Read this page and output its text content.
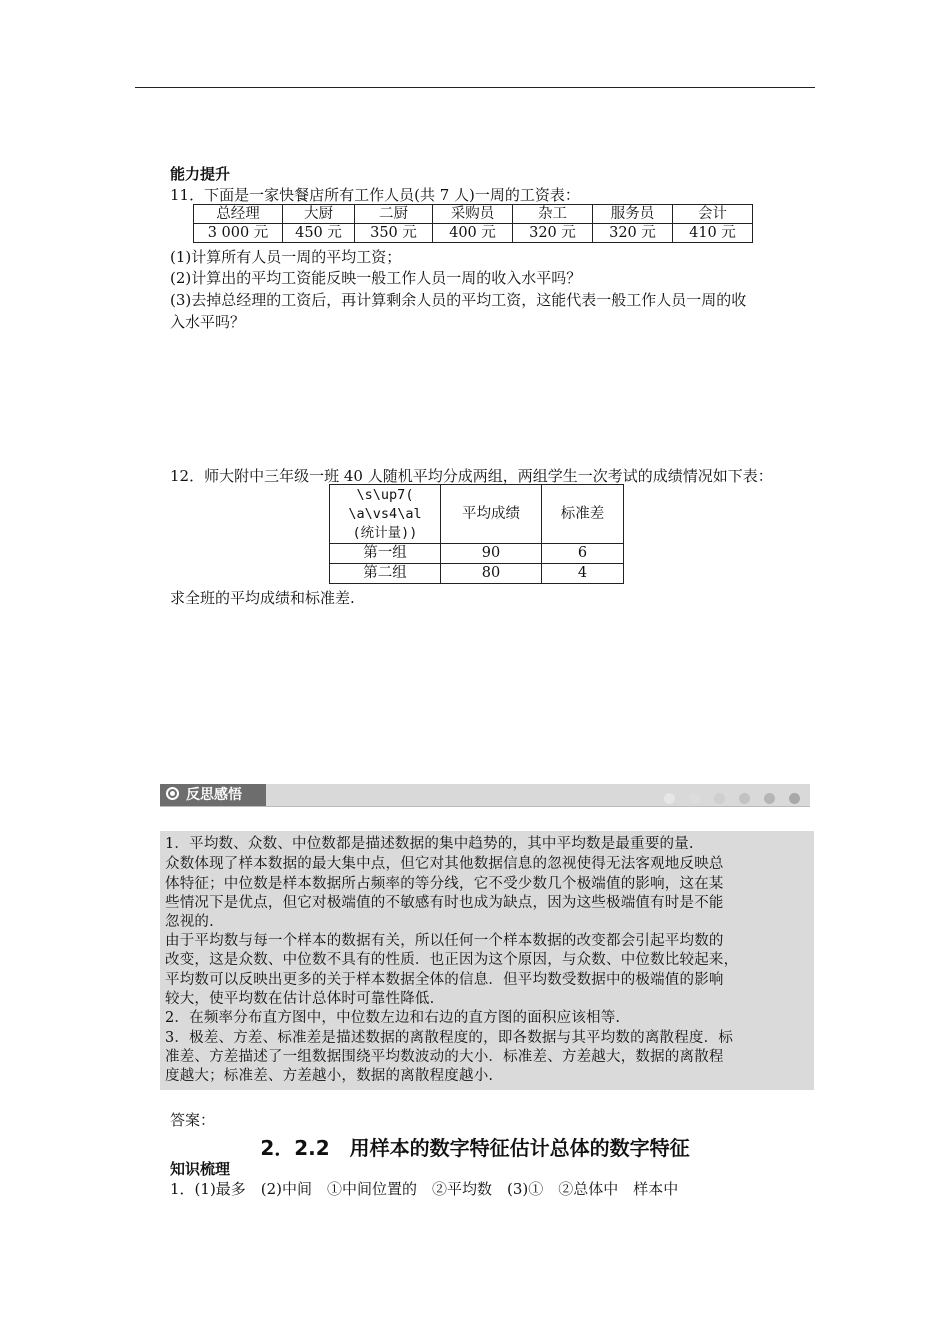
能力提升
11．下面是一家快餐店所有工作人员(共 7 人)一周的工资表：
总经理	大厨	二厨	采购员	杂工	服务员	会计
3 000 元	450 元	350 元	400 元	320 元	320 元	410 元
(1)计算所有人员一周的平均工资；
(2)计算出的平均工资能反映一般工作人员一周的收入水平吗？
(3)去掉总经理的工资后，再计算剩余人员的平均工资，这能代表一般工作人员一周的收
入水平吗？
12．师大附中三年级一班 40 人随机平均分成两组，两组学生一次考试的成绩情况如下表：
\s\up7(
\a\vs4\al
(统计量))	平均成绩	标准差
第一组	90	6
第二组	80	4
求全班的平均成绩和标准差.
反思感悟

1．平均数、众数、中位数都是描述数据的集中趋势的，其中平均数是最重要的量.
众数体现了样本数据的最大集中点，但它对其他数据信息的忽视使得无法客观地反映总
体特征；中位数是样本数据所占频率的等分线，它不受少数几个极端值的影响，这在某
些情况下是优点，但它对极端值的不敏感有时也成为缺点，因为这些极端值有时是不能
忽视的.
由于平均数与每一个样本的数据有关，所以任何一个样本数据的改变都会引起平均数的
改变，这是众数、中位数不具有的性质．也正因为这个原因，与众数、中位数比较起来，
平均数可以反映出更多的关于样本数据全体的信息．但平均数受数据中的极端值的影响
较大，使平均数在估计总体时可靠性降低.
2．在频率分布直方图中，中位数左边和右边的直方图的面积应该相等.
3．极差、方差、标准差是描述数据的离散程度的，即各数据与其平均数的离散程度．标
准差、方差描述了一组数据围绕平均数波动的大小．标准差、方差越大，数据的离散程
度越大；标准差、方差越小，数据的离散程度越小.
答案：
2．2.2　用样本的数字特征估计总体的数字特征
知识梳理
1．(1)最多　(2)中间　①中间位置的　②平均数　(3)①　②总体中　样本中
